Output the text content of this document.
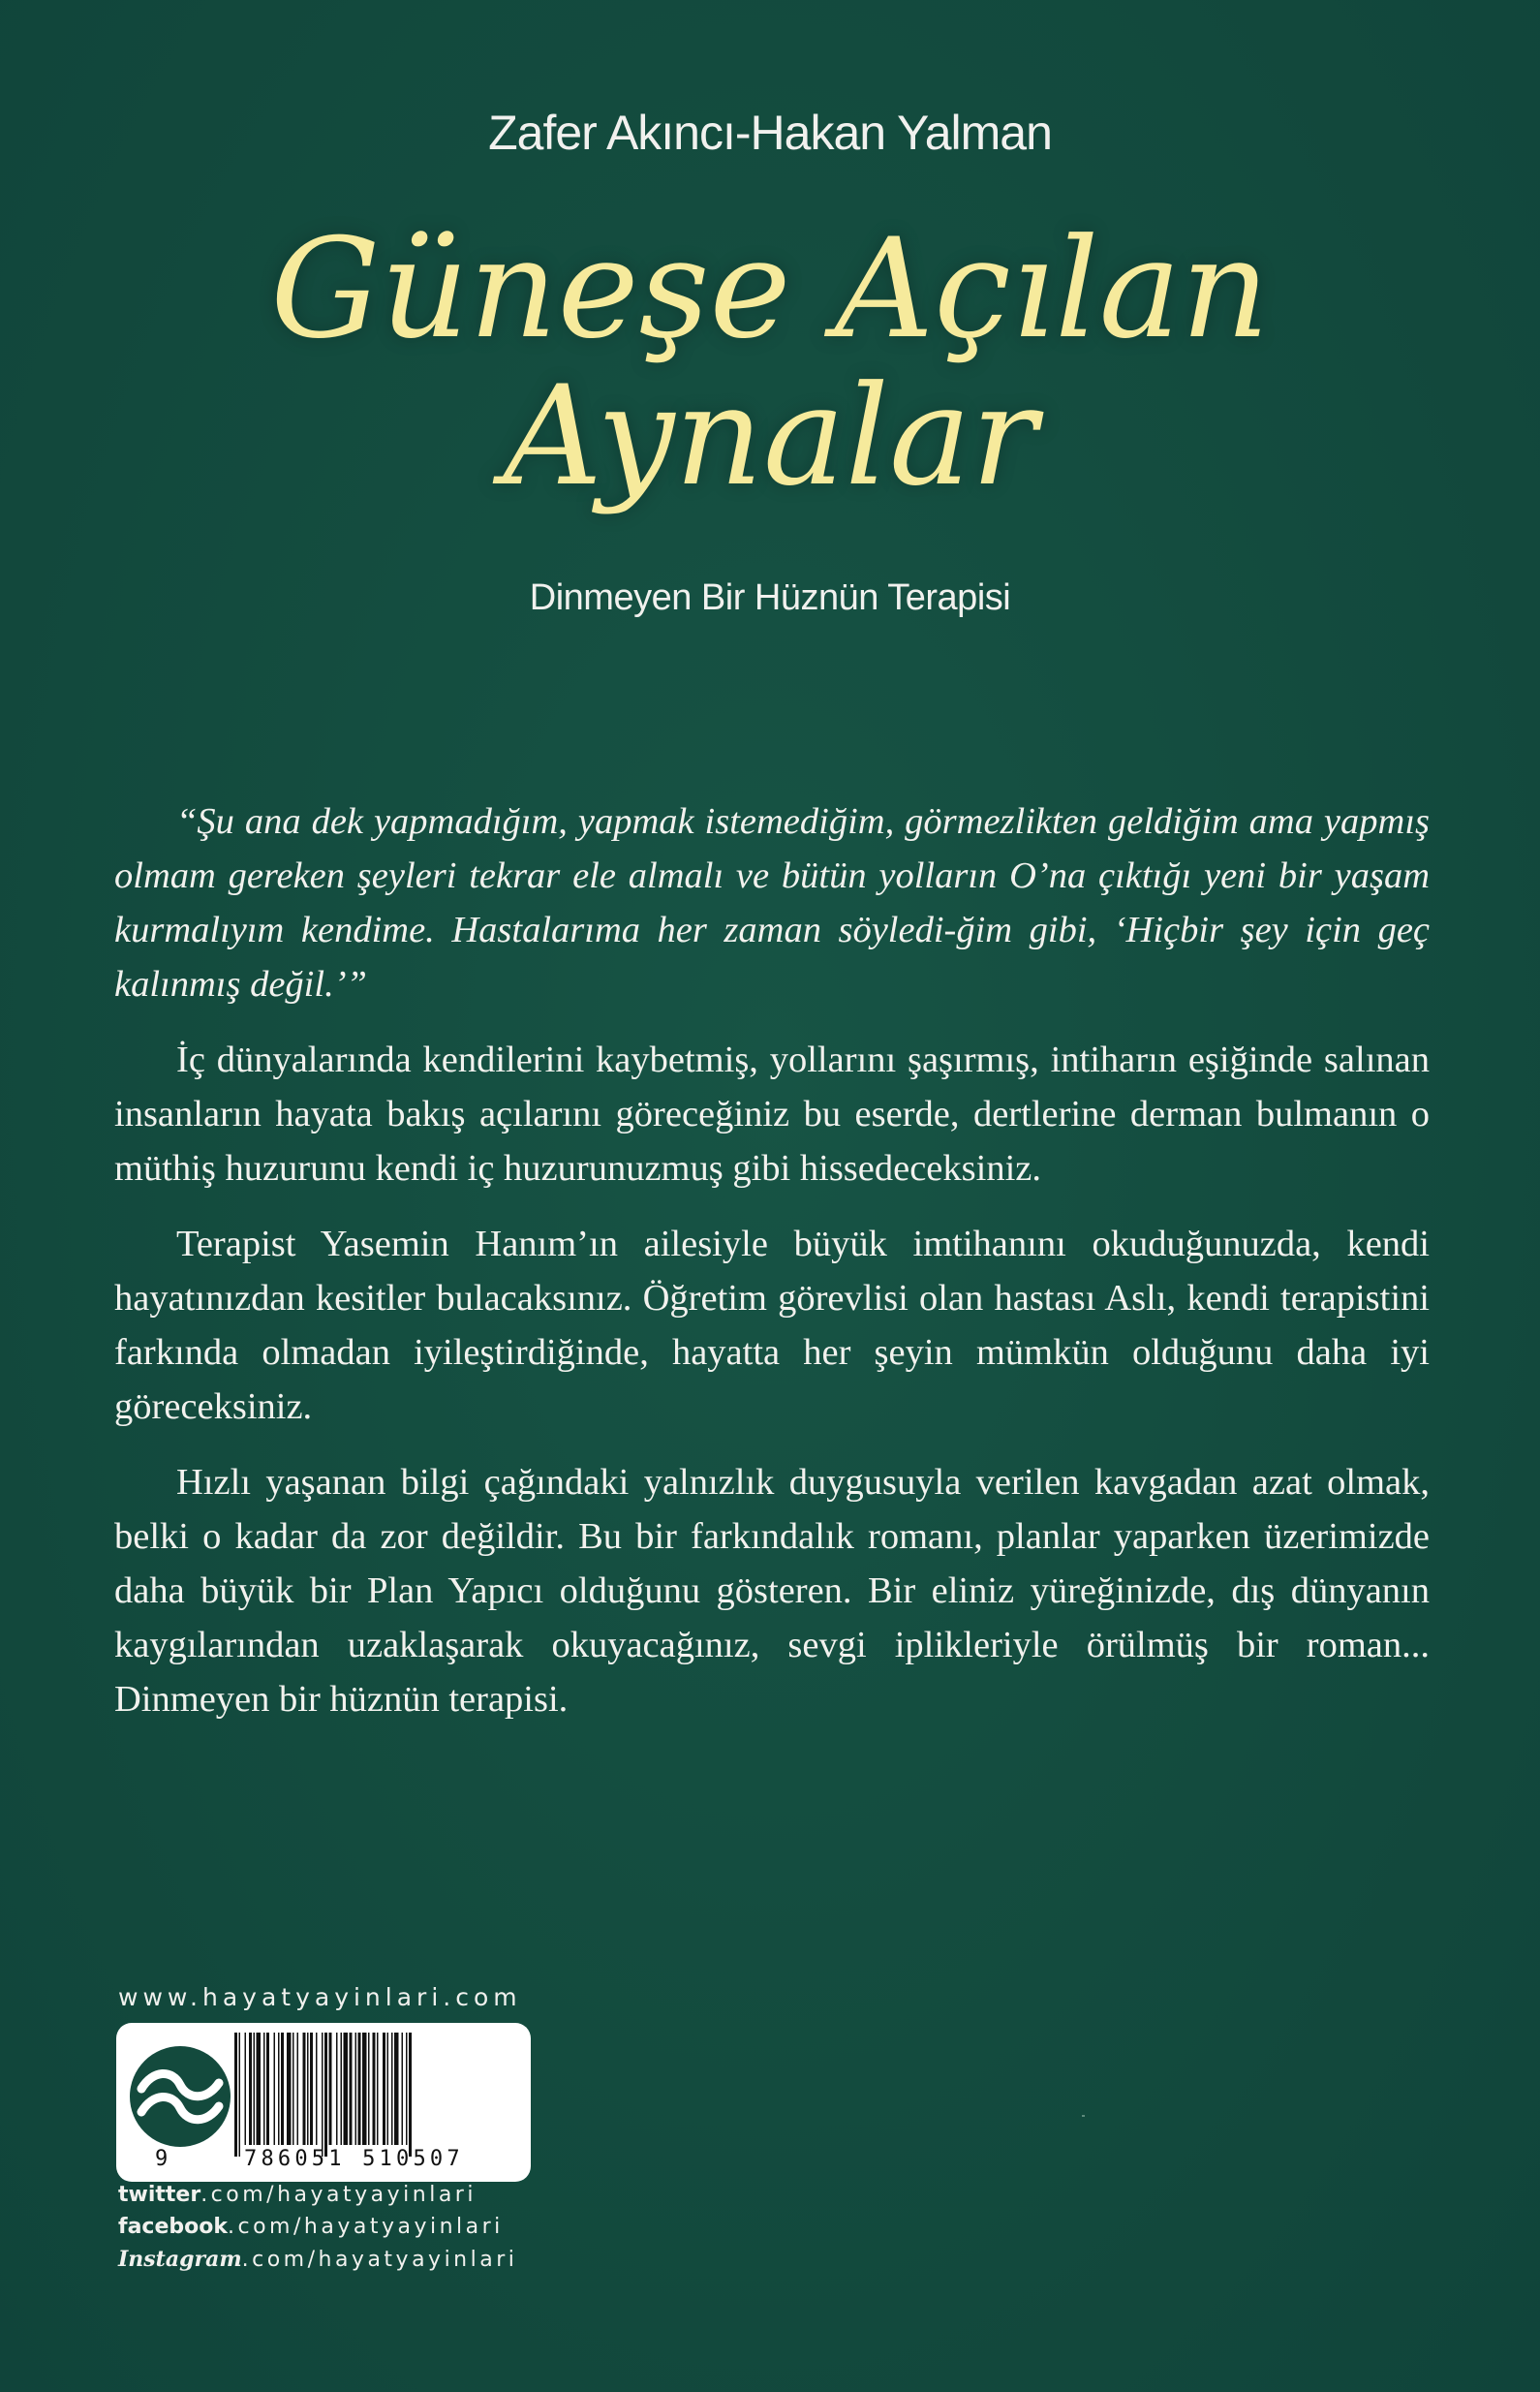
Zafer Akıncı-Hakan Yalman
Güneşe Açılan
Aynalar
Dinmeyen Bir Hüznün Terapisi

“Şu ana dek yapmadığım, yapmak istemediğim, görmezlikten geldiğim ama yapmış olmam gereken şeyleri tekrar ele almalı ve bütün yolların O’na çıktığı yeni bir yaşam kurmalıyım kendime. Hastalarıma her zaman söyledi-ğim gibi, ‘Hiçbir şey için geç kalınmış değil.’”

İç dünyalarında kendilerini kaybetmiş, yollarını şaşırmış, intiharın eşiğinde salınan insanların hayata bakış açılarını göreceğiniz bu eserde, dertlerine derman bulmanın o müthiş huzurunu kendi iç huzurunuzmuş gibi hissedeceksiniz.

Terapist Yasemin Hanım’ın ailesiyle büyük imtihanını okuduğunuzda, kendi hayatınızdan kesitler bulacaksınız. Öğretim görevlisi olan hastası Aslı, kendi terapistini farkında olmadan iyileştirdiğinde, hayatta her şeyin mümkün olduğunu daha iyi göreceksiniz.

Hızlı yaşanan bilgi çağındaki yalnızlık duygusuyla verilen kavgadan azat olmak, belki o kadar da zor değildir. Bu bir farkındalık romanı, planlar yaparken üzerimizde daha büyük bir Plan Yapıcı olduğunu gösteren. Bir eliniz yüreğinizde, dış dünyanın kaygılarından uzaklaşarak okuyacağınız, sevgi iplikleriyle örülmüş bir roman... Dinmeyen bir hüznün terapisi.

www.hayatyayinlari.com
9	786051 510507
twitter.com/hayatyayinlari
facebook.com/hayatyayinlari
Instagram.com/hayatyayinlari
